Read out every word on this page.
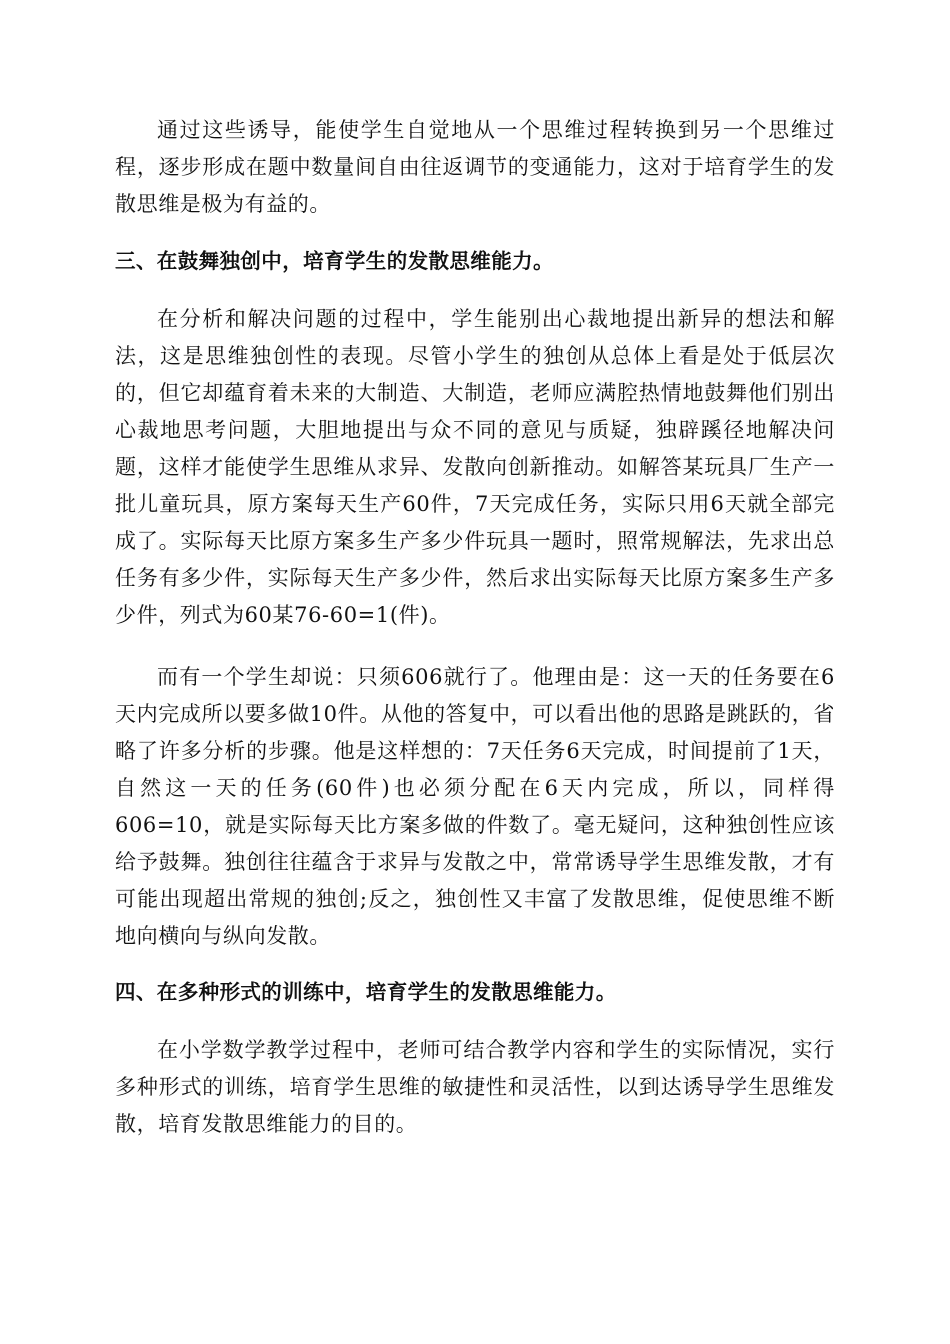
通过这些诱导，能使学生自觉地从一个思维过程转换到另一个思维过程，逐步形成在题中数量间自由往返调节的变通能力，这对于培育学生的发散思维是极为有益的。

三、在鼓舞独创中，培育学生的发散思维能力。

在分析和解决问题的过程中，学生能别出心裁地提出新异的想法和解法，这是思维独创性的表现。尽管小学生的独创从总体上看是处于低层次的，但它却蕴育着未来的大制造、大制造，老师应满腔热情地鼓舞他们别出心裁地思考问题，大胆地提出与众不同的意见与质疑，独辟蹊径地解决问题，这样才能使学生思维从求异、发散向创新推动。如解答某玩具厂生产一批儿童玩具，原方案每天生产60件，7天完成任务，实际只用6天就全部完成了。实际每天比原方案多生产多少件玩具一题时，照常规解法，先求出总任务有多少件，实际每天生产多少件，然后求出实际每天比原方案多生产多少件，列式为60某76-60=1(件)。

而有一个学生却说：只须606就行了。他理由是：这一天的任务要在6天内完成所以要多做10件。从他的答复中，可以看出他的思路是跳跃的，省略了许多分析的步骤。他是这样想的：7天任务6天完成，时间提前了1天，自然这一天的任务(60件)也必须分配在6天内完成，所以，同样得606=10，就是实际每天比方案多做的件数了。毫无疑问，这种独创性应该给予鼓舞。独创往往蕴含于求异与发散之中，常常诱导学生思维发散，才有可能出现超出常规的独创;反之，独创性又丰富了发散思维，促使思维不断地向横向与纵向发散。

四、在多种形式的训练中，培育学生的发散思维能力。

在小学数学教学过程中，老师可结合教学内容和学生的实际情况，实行多种形式的训练，培育学生思维的敏捷性和灵活性，以到达诱导学生思维发散，培育发散思维能力的目的。
